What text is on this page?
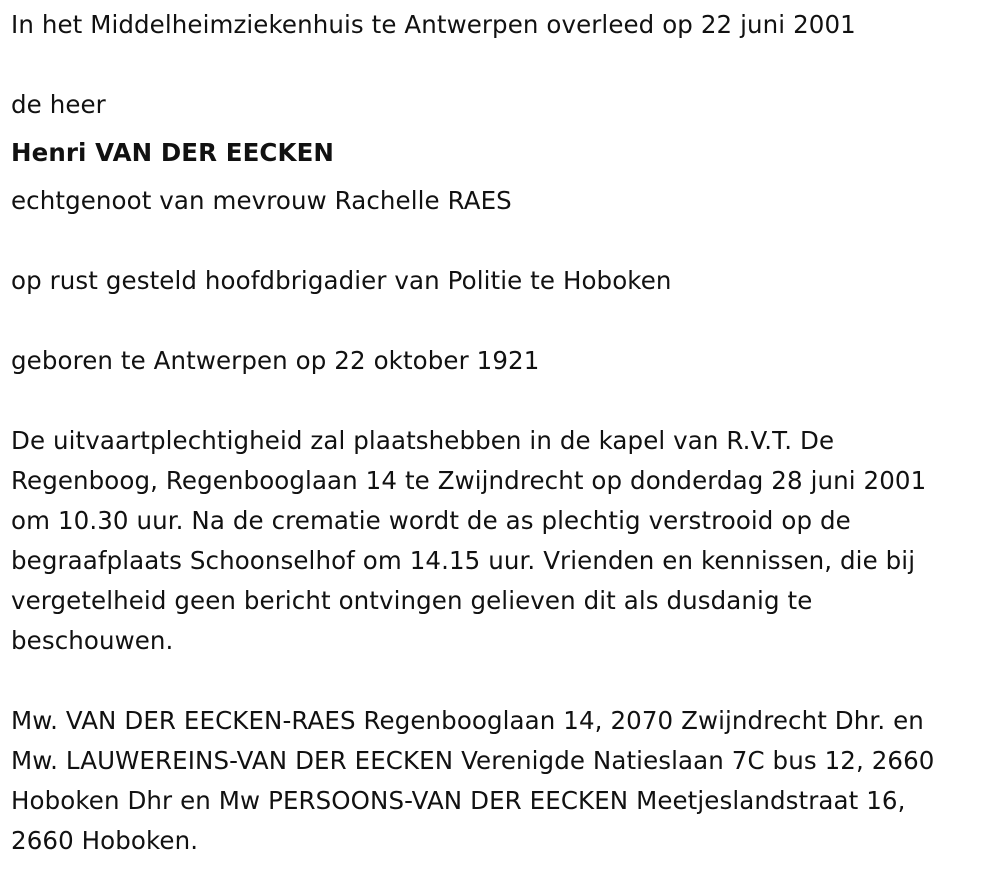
In het Middelheimziekenhuis te Antwerpen overleed op 22 juni 2001
de heer
Henri VAN DER EECKEN
echtgenoot van mevrouw Rachelle RAES
op rust gesteld hoofdbrigadier van Politie te Hoboken
geboren te Antwerpen op 22 oktober 1921
De uitvaartplechtigheid zal plaatshebben in de kapel van R.V.T. De
Regenboog, Regenbooglaan 14 te Zwijndrecht op donderdag 28 juni 2001
om 10.30 uur. Na de crematie wordt de as plechtig verstrooid op de
begraafplaats Schoonselhof om 14.15 uur. Vrienden en kennissen, die bij
vergetelheid geen bericht ontvingen gelieven dit als dusdanig te
beschouwen.
Mw. VAN DER EECKEN-RAES Regenbooglaan 14, 2070 Zwijndrecht Dhr. en
Mw. LAUWEREINS-VAN DER EECKEN Verenigde Natieslaan 7C bus 12, 2660
Hoboken Dhr en Mw PERSOONS-VAN DER EECKEN Meetjeslandstraat 16,
2660 Hoboken.
